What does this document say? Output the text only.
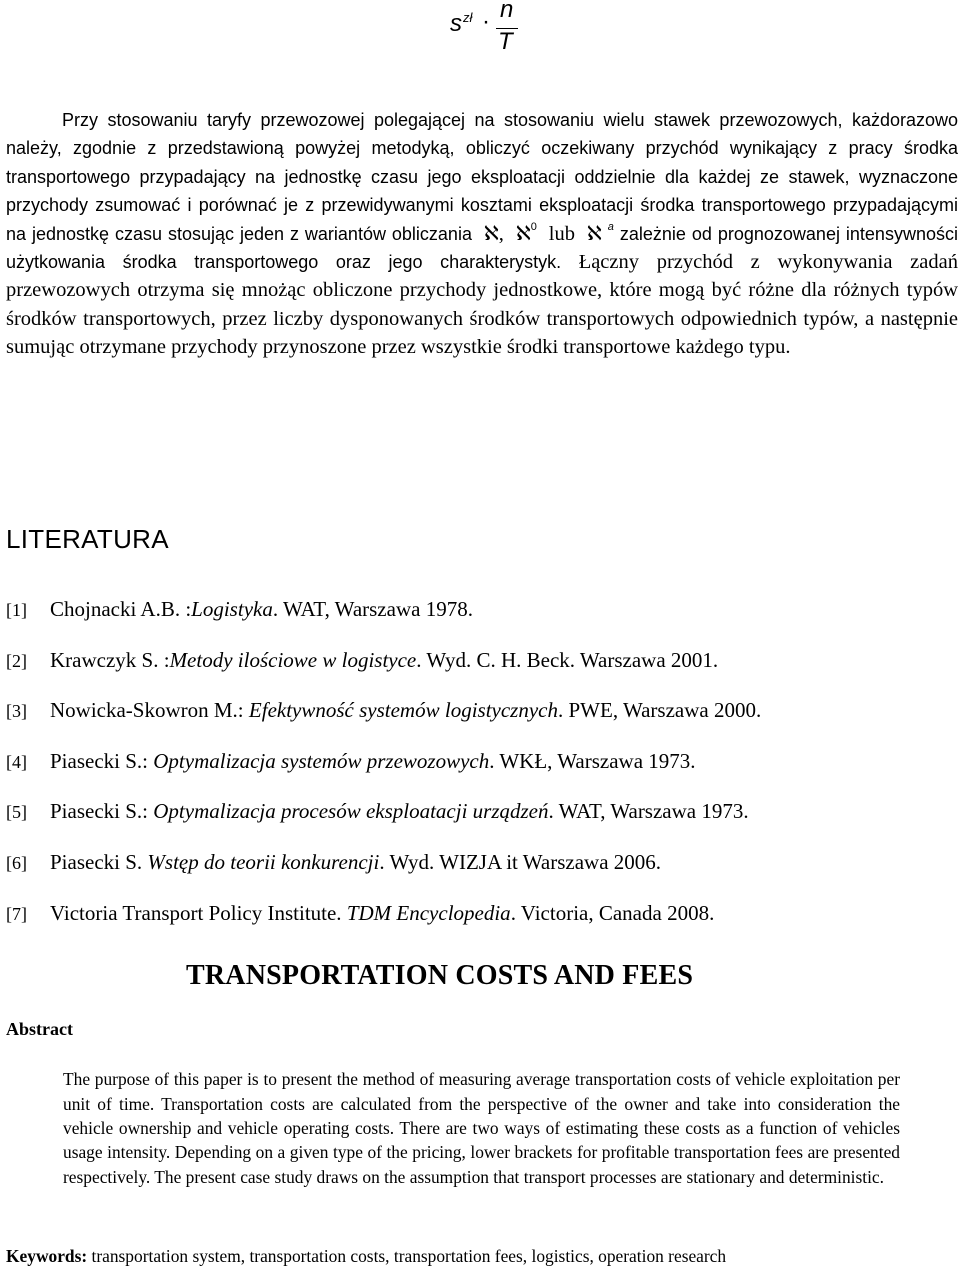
s zł · n
T

Przy stosowaniu taryfy przewozowej polegającej na stosowaniu wielu stawek przewozowych, każdorazowo należy, zgodnie z przedstawioną powyżej metodyką, obliczyć oczekiwany przychód wynikający z pracy środka transportowego przypadający na jednostkę czasu jego eksploatacji oddzielnie dla każdej ze stawek, wyznaczone przychody zsumować i porównać je z przewidywanymi kosztami eksploatacji środka transportowego przypadającymi na jednostkę czasu stosując jeden z wariantów obliczania ℵ, ℵ$^0$ lub ℵ $^a$ zależnie od prognozowanej intensywności użytkowania środka transportowego oraz jego charakterystyk. Łączny przychód z wykonywania zadań przewozowych otrzyma się mnożąc obliczone przychody jednostkowe, które mogą być różne dla różnych typów środków transportowych, przez liczby dysponowanych środków transportowych odpowiednich typów, a następnie sumując otrzymane przychody przynoszone przez wszystkie środki transportowe każdego typu.

LITERATURA
[1] Chojnacki A.B. :Logistyka. WAT, Warszawa 1978.
[2] Krawczyk S. :Metody ilościowe w logistyce. Wyd. C. H. Beck. Warszawa 2001.
[3] Nowicka-Skowron M.: Efektywność systemów logistycznych. PWE, Warszawa 2000.
[4] Piasecki S.: Optymalizacja systemów przewozowych. WKŁ, Warszawa 1973.
[5] Piasecki S.: Optymalizacja procesów eksploatacji urządzeń. WAT, Warszawa 1973.
[6] Piasecki S. Wstęp do teorii konkurencji. Wyd. WIZJA it Warszawa 2006.
[7] Victoria Transport Policy Institute. TDM Encyclopedia. Victoria, Canada 2008.
TRANSPORTATION COSTS AND FEES
Abstract

The purpose of this paper is to present the method of measuring average transportation costs of vehicle exploitation per unit of time. Transportation costs are calculated from the perspective of the owner and take into consideration the vehicle ownership and vehicle operating costs. There are two ways of estimating these costs as a function of vehicles usage intensity. Depending on a given type of the pricing, lower brackets for profitable transportation fees are presented respectively. The present case study draws on the assumption that transport processes are stationary and deterministic.

Keywords: transportation system, transportation costs, transportation fees, logistics, operation research
